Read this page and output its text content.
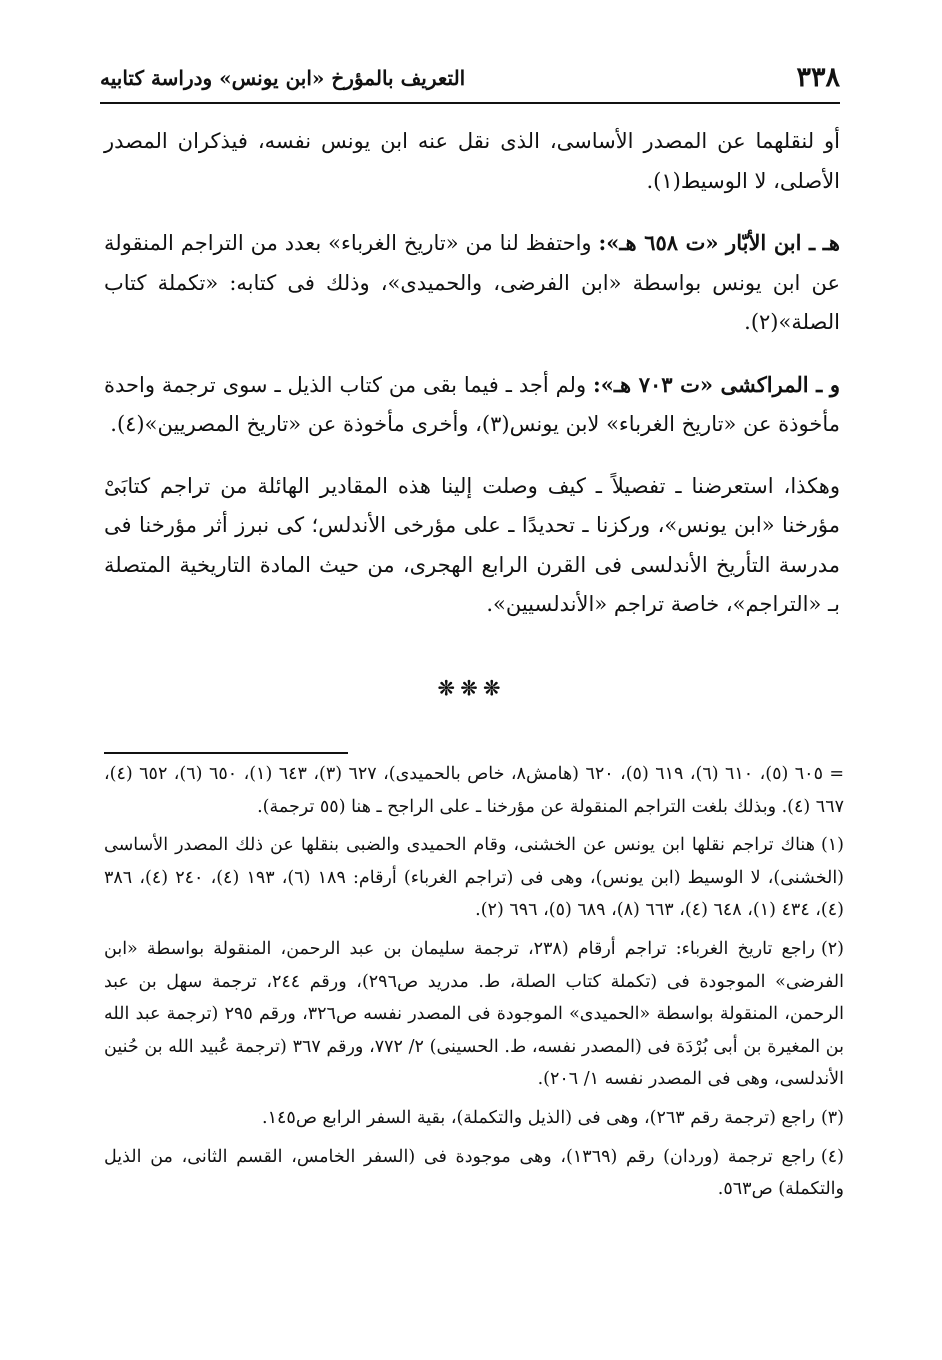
٣٣٨
التعريف بالمؤرخ «ابن يونس» ودراسة كتابيه

أو لنقلهما عن المصدر الأساسى، الذى نقل عنه ابن يونس نفسه، فيذكران المصدر الأصلى، لا الوسيط(١).

هـ ـ ابن الأبّار «ت ٦٥٨ هـ»: واحتفظ لنا من «تاريخ الغرباء» بعدد من التراجم المنقولة عن ابن يونس بواسطة «ابن الفرضى، والحميدى»، وذلك فى كتابه: «تكملة كتاب الصلة»(٢).

و ـ المراكشى «ت ٧٠٣ هـ»: ولم أجد ـ فيما بقى من كتاب الذيل ـ سوى ترجمة واحدة مأخوذة عن «تاريخ الغرباء» لابن يونس(٣)، وأخرى مأخوذة عن «تاريخ المصريين»(٤).

وهكذا، استعرضنا ـ تفصيلاً ـ كيف وصلت إلينا هذه المقادير الهائلة من تراجم كتابَىْ مؤرخنا «ابن يونس»، وركزنا ـ تحديدًا ـ على مؤرخى الأندلس؛ كى نبرز أثر مؤرخنا فى مدرسة التأريخ الأندلسى فى القرن الرابع الهجرى، من حيث المادة التاريخية المتصلة بـ «التراجم»، خاصة تراجم «الأندلسيين».

❊❊❊

= ٦٠٥ (٥)، ٦١٠ (٦)، ٦١٩ (٥)، ٦٢٠ (هامش٨، خاص بالحميدى)، ٦٢٧ (٣)، ٦٤٣ (١)، ٦٥٠ (٦)، ٦٥٢ (٤)، ٦٦٧ (٤). وبذلك بلغت التراجم المنقولة عن مؤرخنا ـ على الراجح ـ هنا (٥٥ ترجمة).

(١)هناك تراجم نقلها ابن يونس عن الخشنى، وقام الحميدى والضبى بنقلها عن ذلك المصدر الأساسى (الخشنى)، لا الوسيط (ابن يونس)، وهى فى (تراجم الغرباء) أرقام: ١٨٩ (٦)، ١٩٣ (٤)، ٢٤٠ (٤)، ٣٨٦ (٤)، ٤٣٤ (١)، ٦٤٨ (٤)، ٦٦٣ (٨)، ٦٨٩ (٥)، ٦٩٦ (٢).

(٢)راجع تاريخ الغرباء: تراجم أرقام (٢٣٨، ترجمة سليمان بن عبد الرحمن، المنقولة بواسطة «ابن الفرضى» الموجودة فى (تكملة كتاب الصلة، ط. مدريد ص٢٩٦)، ورقم ٢٤٤، ترجمة سهل بن عبد الرحمن، المنقولة بواسطة «الحميدى» الموجودة فى المصدر نفسه ص٣٢٦، ورقم ٢٩٥ (ترجمة عبد الله بن المغيرة بن أبى بُرْدَة فى (المصدر نفسه، ط. الحسينى) ٢/ ٧٧٢، ورقم ٣٦٧ (ترجمة عُبيد الله بن حُنين الأندلسى، وهى فى المصدر نفسه ١/ ٢٠٦).

(٣)راجع (ترجمة رقم ٢٦٣)، وهى فى (الذيل والتكملة)، بقية السفر الرابع ص١٤٥.

(٤)راجع ترجمة (وردان) رقم (١٣٦٩)، وهى موجودة فى (السفر الخامس، القسم الثانى، من الذيل والتكملة) ص٥٦٣.
